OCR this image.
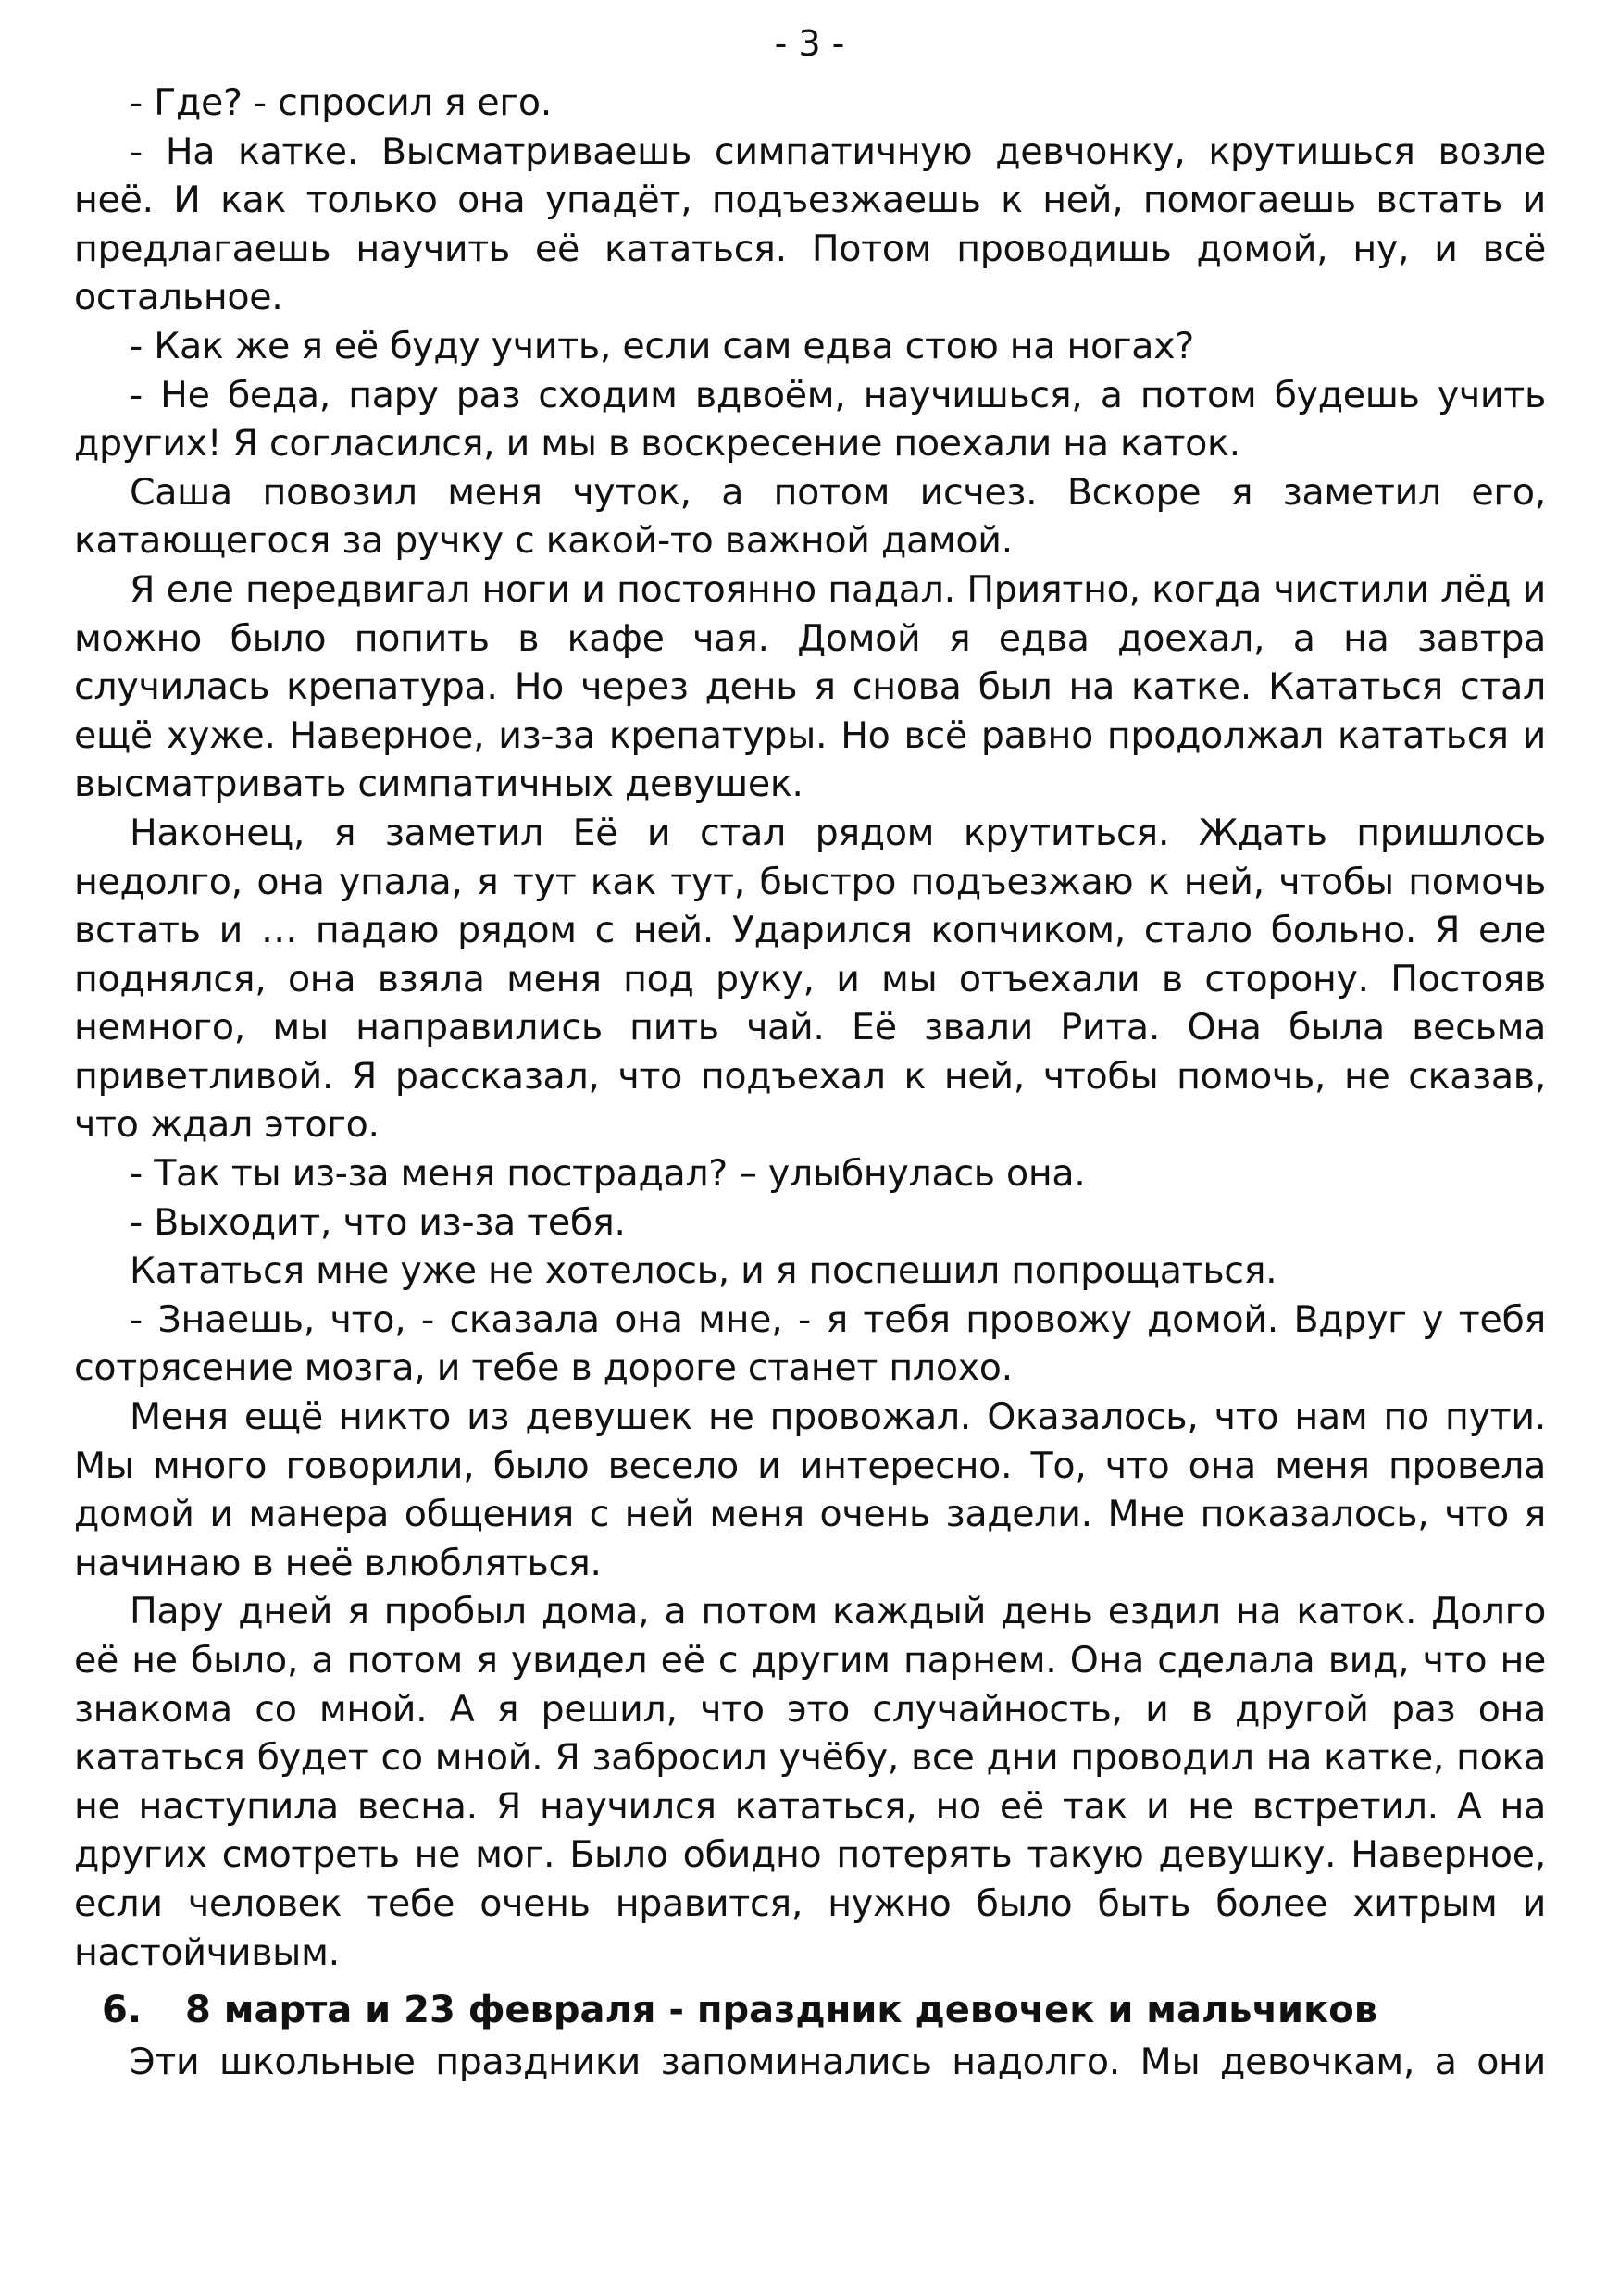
- 3 -

- Где? - спросил я его.

- На катке. Высматриваешь симпатичную девчонку, крутишься возле неё. И как только она упадёт, подъезжаешь к ней, помогаешь встать и предлагаешь научить её кататься. Потом проводишь домой, ну, и всё остальное.

- Как же я её буду учить, если сам едва стою на ногах?

- Не беда, пару раз сходим вдвоём, научишься, а потом будешь учить других! Я согласился, и мы в воскресение поехали на каток.

Саша повозил меня чуток, а потом исчез. Вскоре я заметил его, катающегося за ручку с какой-то важной дамой.

Я еле передвигал ноги и постоянно падал. Приятно, когда чистили лёд и можно было попить в кафе чая. Домой я едва доехал, а на завтра случилась крепатура. Но через день я снова был на катке. Кататься стал ещё хуже. Наверное, из-за крепатуры. Но всё равно продолжал кататься и высматривать симпатичных девушек.

Наконец, я заметил Её и стал рядом крутиться. Ждать пришлось недолго, она упала, я тут как тут, быстро подъезжаю к ней, чтобы помочь встать и … падаю рядом с ней. Ударился копчиком, стало больно. Я еле поднялся, она взяла меня под руку, и мы отъехали в сторону. Постояв немного, мы направились пить чай. Её звали Рита. Она была весьма приветливой. Я рассказал, что подъехал к ней, чтобы помочь, не сказав, что ждал этого.

- Так ты из-за меня пострадал? – улыбнулась она.

- Выходит, что из-за тебя.

Кататься мне уже не хотелось, и я поспешил попрощаться.

- Знаешь, что, - сказала она мне, - я тебя провожу домой. Вдруг у тебя сотрясение мозга, и тебе в дороге станет плохо.

Меня ещё никто из девушек не провожал. Оказалось, что нам по пути. Мы много говорили, было весело и интересно. То, что она меня провела домой и манера общения с ней меня очень задели. Мне показалось, что я начинаю в неё влюбляться.

Пару дней я пробыл дома, а потом каждый день ездил на каток. Долго её не было, а потом я увидел её с другим парнем. Она сделала вид, что не знакома со мной. А я решил, что это случайность, и в другой раз она кататься будет со мной. Я забросил учёбу, все дни проводил на катке, пока не наступила весна. Я научился кататься, но её так и не встретил. А на других смотреть не мог. Было обидно потерять такую девушку. Наверное, если человек тебе очень нравится, нужно было быть более хитрым и настойчивым.

6.	8 марта и 23 февраля - праздник девочек и мальчиков

Эти школьные праздники запоминались надолго. Мы девочкам, а они
